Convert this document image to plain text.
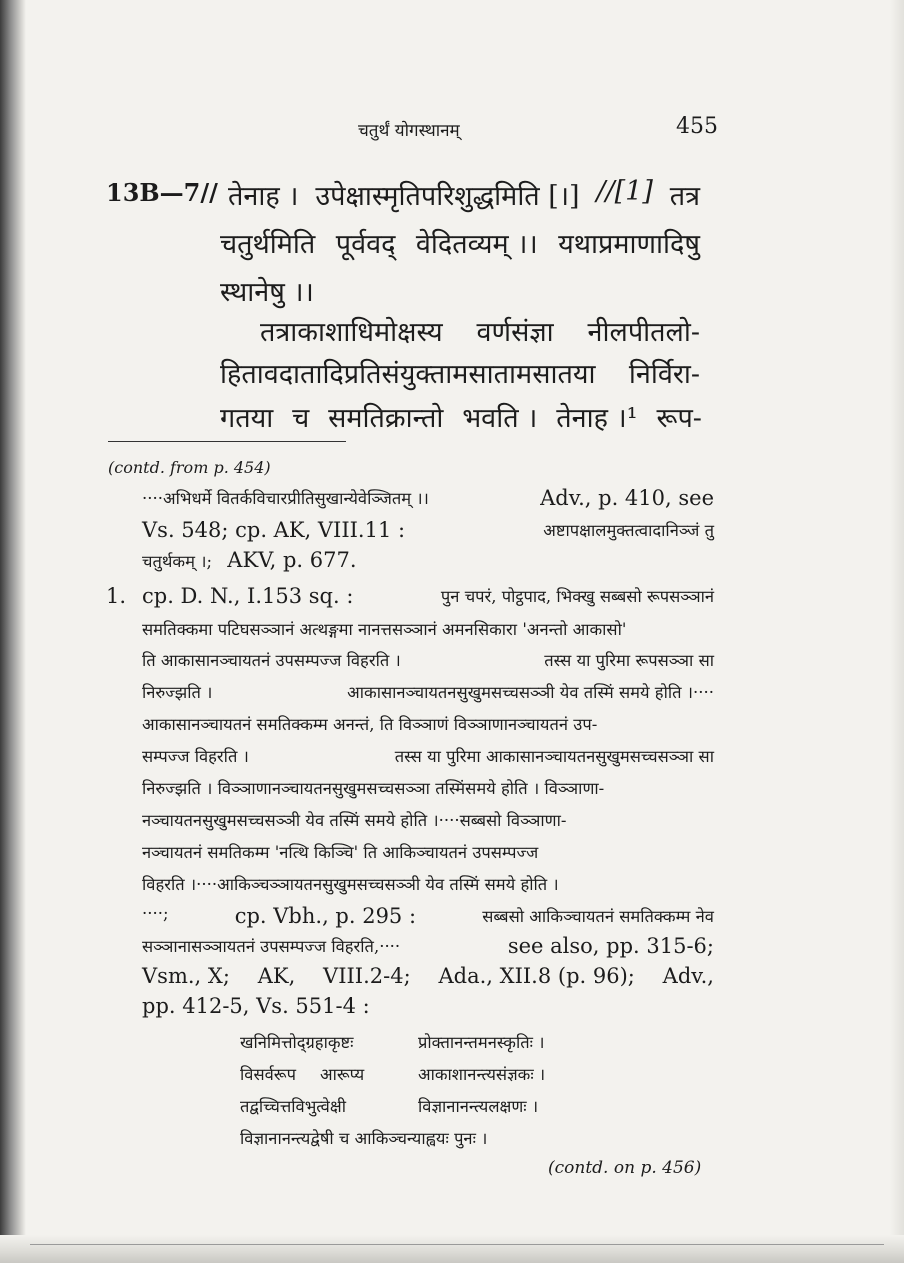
चतुर्थं योगस्थानम्	455
13B—7// तेनाह । उपेक्षास्मृतिपरिशुद्धमिति [।] //[1] तत्र
चतुर्थमिति पूर्ववद् वेदितव्यम् ।। यथाप्रमाणादिषु
स्थानेषु ।।
तत्राकाशाधिमोक्षस्य वर्णसंज्ञा नीलपीतलो-
हितावदातादिप्रतिसंयुक्तामसातामसातया निर्विरा-
गतया च समतिक्रान्तो भवति । तेनाह ।¹ रूप-
(contd. from p. 454)
····अभिधर्मे वितर्कविचारप्रीतिसुखान्येवेञ्जितम् ।।	Adv., p. 410, see
Vs. 548; cp. AK, VIII.11 :	अष्टापक्षालमुक्तत्वादानिञ्जं तु
चतुर्थकम् ।; AKV, p. 677.
1. cp. D. N., I.153 sq. :	पुन चपरं, पोट्ठपाद, भिक्खु सब्बसो रूपसञ्ञानं
समतिक्कमा पटिघसञ्ञानं अत्थङ्गमा नानत्तसञ्ञानं अमनसिकारा 'अनन्तो आकासो'
ति आकासानञ्चायतनं उपसम्पज्ज विहरति ।	तस्स या पुरिमा रूपसञ्ञा सा
निरुज्झति ।	आकासानञ्चायतनसुखुमसच्चसञ्ञी येव तस्मिं समये होति ।····
आकासानञ्चायतनं समतिक्कम्म अनन्तं, ति विञ्ञाणं विञ्ञाणानञ्चायतनं उप-
सम्पज्ज विहरति ।	तस्स या पुरिमा आकासानञ्चायतनसुखुमसच्चसञ्ञा सा
निरुज्झति । विञ्ञाणानञ्चायतनसुखुमसच्चसञ्ञा तस्मिंसमये होति । विञ्ञाणा-
नञ्चायतनसुखुमसच्चसञ्ञी येव तस्मिं समये होति ।····सब्बसो विञ्ञाणा-
नञ्चायतनं समतिकम्म 'नत्थि किञ्चि' ति आकिञ्चायतनं उपसम्पज्ज
विहरति ।····आकिञ्चञ्ञायतनसुखुमसच्चसञ्ञी येव तस्मिं समये होति ।
····;	cp. Vbh., p. 295 :	सब्बसो आकिञ्चायतनं समतिक्कम्म नेव
सञ्ञानासञ्ञायतनं उपसम्पज्ज विहरति,····	see also, pp. 315-6;
Vsm., X; AK, VIII.2-4; Ada., XII.8 (p. 96); Adv.,
pp. 412-5, Vs. 551-4 :
खनिमित्तोद्ग्रहाकृष्टः	प्रोक्तानन्तमनस्कृतिः ।
विसर्वरूप आरूप्य	आकाशानन्त्यसंज्ञकः ।
तद्वच्चित्तविभुत्वेक्षी	विज्ञानानन्त्यलक्षणः ।
विज्ञानानन्त्यद्वेषी च आकिञ्चन्याह्वयः पुनः ।
(contd. on p. 456)
